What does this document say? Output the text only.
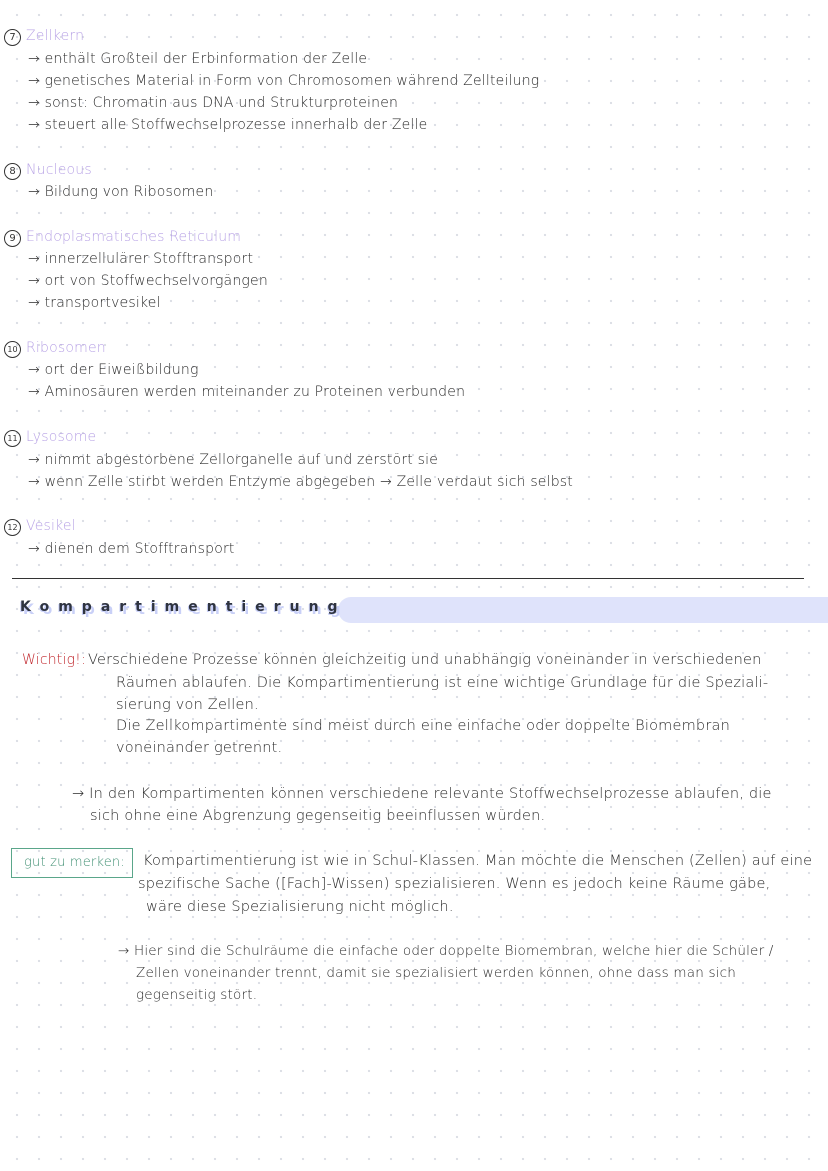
7 Zellkern
→ enthält Großteil der Erbinformation der Zelle
→ genetisches Material in Form von Chromosomen während Zellteilung
→ sonst: Chromatin aus DNA und Strukturproteinen
→ steuert alle Stoffwechselprozesse innerhalb der Zelle
8 Nucleous
→ Bildung von Ribosomen
9 Endoplasmatisches Reticulum
→ innerzellulärer Stofftransport
→ ort von Stoffwechselvorgängen
→ transportvesikel
10 Ribosomen
→ ort der Eiweißbildung
→ Aminosäuren werden miteinander zu Proteinen verbunden
11 Lysosome
→ nimmt abgestorbene Zellorganelle auf und zerstört sie
→ wenn Zelle stirbt werden Entzyme abgegeben → Zelle verdaut sich selbst
12 Vesikel
→ dienen dem Stofftransport
Kompartimentierung
Wichtig!: Verschiedene Prozesse können gleichzeitig und unabhängig voneinander in verschiedenen
Räumen ablaufen. Die Kompartimentierung ist eine wichtige Grundlage für die Speziali-
sierung von Zellen.
Die Zellkompartimente sind meist durch eine einfache oder doppelte Biomembran
voneinander getrennt.
→ In den Kompartimenten können verschiedene relevante Stoffwechselprozesse ablaufen, die
sich ohne eine Abgrenzung gegenseitig beeinflussen würden.
gut zu merken:	Kompartimentierung ist wie in Schul-Klassen. Man möchte die Menschen (Zellen) auf eine
spezifische Sache ([Fach]-Wissen) spezialisieren. Wenn es jedoch keine Räume gäbe,
wäre diese Spezialisierung nicht möglich.
→ Hier sind die Schulräume die einfache oder doppelte Biomembran, welche hier die Schüler /
Zellen voneinander trennt, damit sie spezialisiert werden können, ohne dass man sich
gegenseitig stört.
